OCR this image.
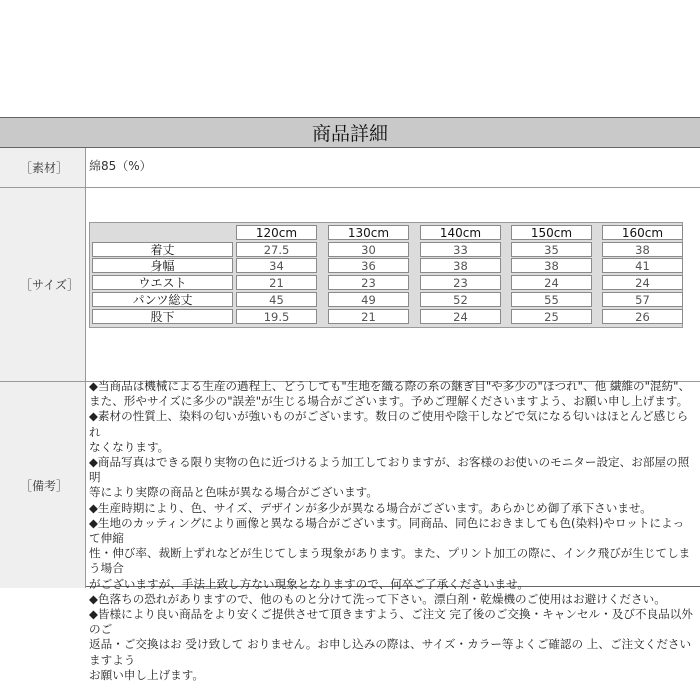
商品詳細
［素材］	綿85（%）
［サイズ］
120cm	130cm	140cm	150cm	160cm
着丈	27.5	30	33	35	38
身幅	34	36	38	38	41
ウエスト	21	23	23	24	24
パンツ総丈	45	49	52	55	57
股下	19.5	21	24	25	26
［備考］

◆当商品は機械による生産の過程上、どうしても"生地を織る際の糸の継ぎ目"や多少の"ほつれ"、他 繊維の"混紡"、

また、形やサイズに多少の"誤差"が生じる場合がございます。予めご理解くださいますよう、お願い申し上げます。

◆素材の性質上、染料の匂いが強いものがございます。数日のご使用や陰干しなどで気になる匂いはほとんど感じられ

なくなります。

◆商品写真はできる限り実物の色に近づけるよう加工しておりますが、お客様のお使いのモニター設定、お部屋の照明

等により実際の商品と色味が異なる場合がございます。

◆生産時期により、色、サイズ、デザインが多少が異なる場合がございます。あらかじめ御了承下さいませ。

◆生地のカッティングにより画像と異なる場合がございます。同商品、同色におきましても色(染料)やロットによって伸縮

性・伸び率、裁断上ずれなどが生じてしまう現象があります。また、プリント加工の際に、インク飛びが生じてしまう場合

がございますが、手法上致し方ない現象となりますので、何卒ご了承くださいませ。

◆色落ちの恐れがありますので、他のものと分けて洗って下さい。漂白剤・乾燥機のご使用はお避けください。

◆皆様により良い商品をより安くご提供させて頂きますよう、ご注文 完了後のご交換・キャンセル・及び不良品以外のご

返品・ご交換はお 受け致して おりません。お申し込みの際は、サイズ・カラー等よくご確認の 上、ご注文くださいますよう

お願い申し上げます。
